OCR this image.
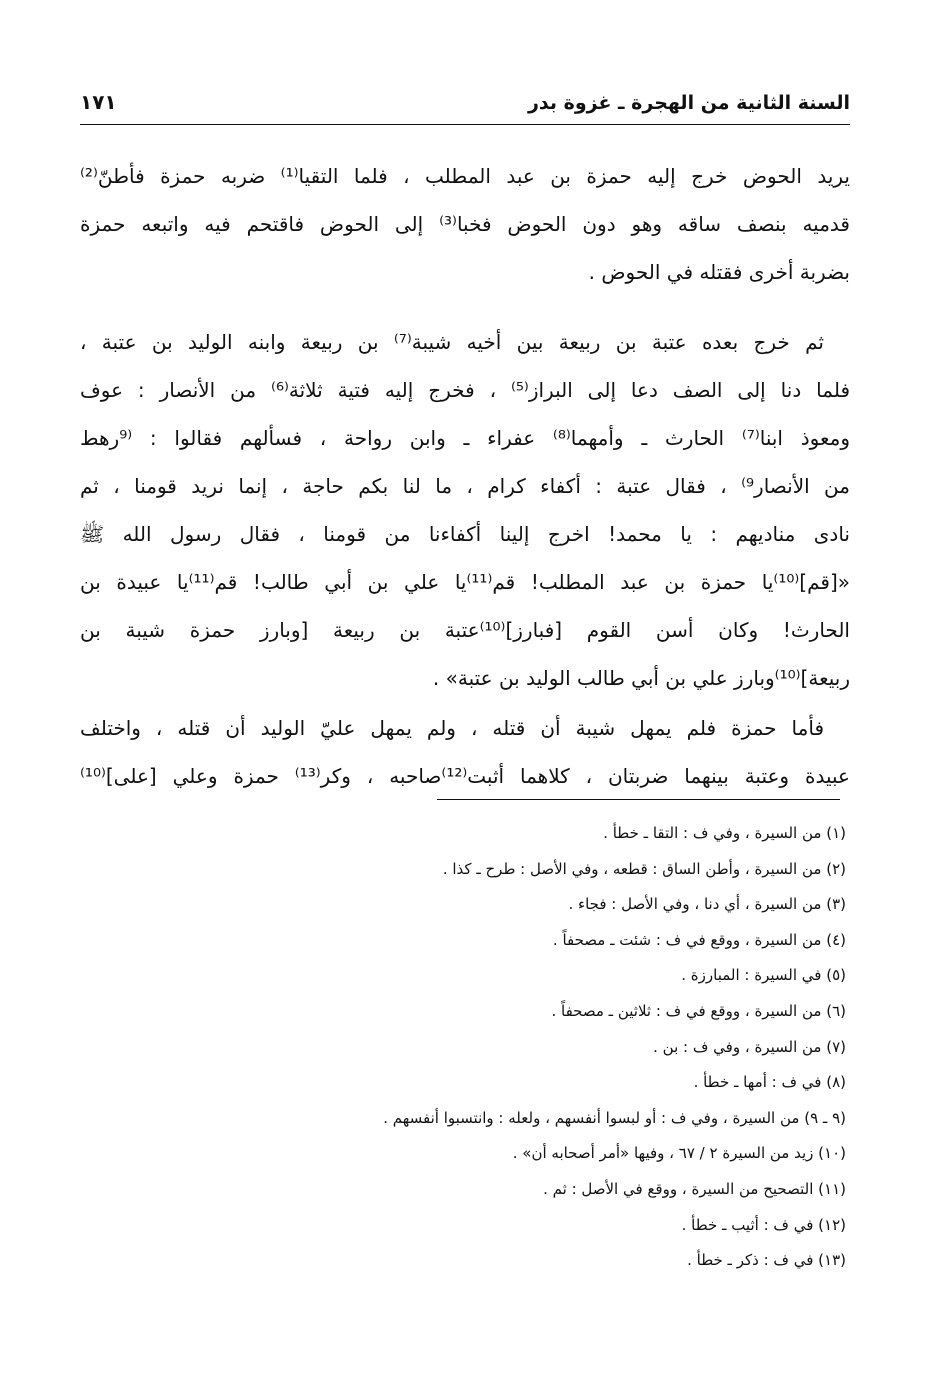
السنة الثانية من الهجرة ـ غزوة بدر
١٧١
يريد الحوض خرج إليه حمزة بن عبد المطلب ، فلما التقيا⁽¹⁾ ضربه حمزة فأطنّ⁽²⁾
قدميه بنصف ساقه وهو دون الحوض فخبا⁽³⁾ إلى الحوض فاقتحم فيه واتبعه حمزة
بضربة أخرى فقتله في الحوض .
ثم خرج بعده عتبة بن ربيعة بين أخيه شيبة⁽⁷⁾ بن ربيعة وابنه الوليد بن عتبة ،
فلما دنا إلى الصف دعا إلى البراز⁽⁵⁾ ، فخرج إليه فتية ثلاثة⁽⁶⁾ من الأنصار : عوف
ومعوذ ابنا⁽⁷⁾ الحارث ـ وأمهما⁽⁸⁾ عفراء ـ وابن رواحة ، فسألهم فقالوا : ⁽⁹رهط
من الأنصار⁹⁾ ، فقال عتبة : أكفاء كرام ، ما لنا بكم حاجة ، إنما نريد قومنا ، ثم
نادى مناديهم : يا محمد! اخرج إلينا أكفاءنا من قومنا ، فقال رسول الله ﷺ
«[قم]⁽¹⁰⁾يا حمزة بن عبد المطلب! قم⁽¹¹⁾يا علي بن أبي طالب! قم⁽¹¹⁾يا عبيدة بن
الحارث! وكان أسن القوم [فبارز]⁽¹⁰⁾عتبة بن ربيعة [وبارز حمزة شيبة بن
ربيعة]⁽¹⁰⁾وبارز علي بن أبي طالب الوليد بن عتبة» .
فأما حمزة فلم يمهل شيبة أن قتله ، ولم يمهل عليّ الوليد أن قتله ، واختلف
عبيدة وعتبة بينهما ضربتان ، كلاهما أثبت⁽¹²⁾صاحبه ، وكر⁽¹³⁾ حمزة وعلي [على]⁽¹⁰⁾
(١) من السيرة ، وفي ف : التقا ـ خطأ .
(٢) من السيرة ، وأطن الساق : قطعه ، وفي الأصل : طرح ـ كذا .
(٣) من السيرة ، أي دنا ، وفي الأصل : فجاء .
(٤) من السيرة ، ووقع في ف : شئت ـ مصحفاً .
(٥) في السيرة : المبارزة .
(٦) من السيرة ، ووقع في ف : ثلاثين ـ مصحفاً .
(٧) من السيرة ، وفي ف : بن .
(٨) في ف : أمها ـ خطأ .
(٩ ـ ٩) من السيرة ، وفي ف : أو لبسوا أنفسهم ، ولعله : وانتسبوا أنفسهم .
(١٠) زيد من السيرة ٢ / ٦٧ ، وفيها «أمر أصحابه أن» .
(١١) التصحيح من السيرة ، ووقع في الأصل : ثم .
(١٢) في ف : أثيب ـ خطأ .
(١٣) في ف : ذكر ـ خطأ .
